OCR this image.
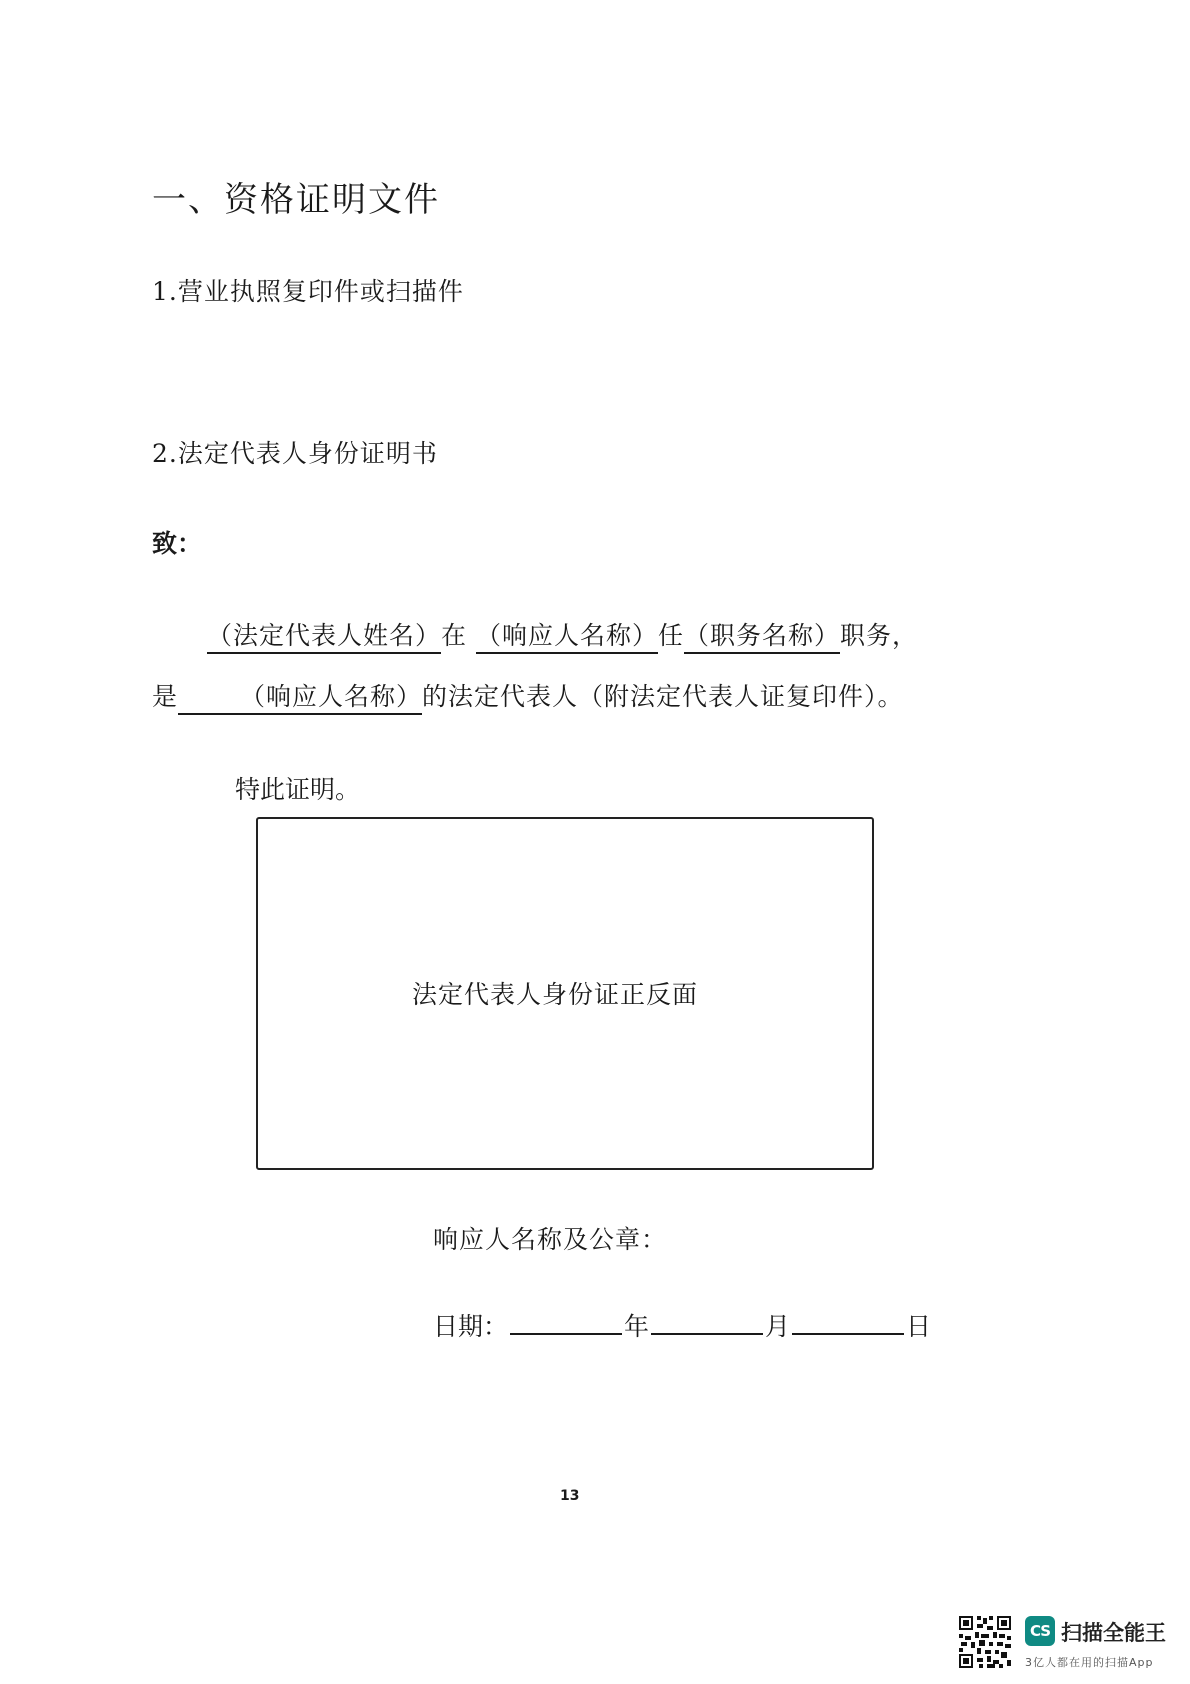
一、资格证明文件
1.营业执照复印件或扫描件
2.法定代表人身份证明书
致：
（法定代表人姓名）在 （响应人名称）任（职务名称）职务，
是 （响应人名称）的法定代表人（附法定代表人证复印件）。
特此证明。
法定代表人身份证正反面
响应人名称及公章：
日期：	年	月	日
13
CS 扫描全能王
3亿人都在用的扫描App
